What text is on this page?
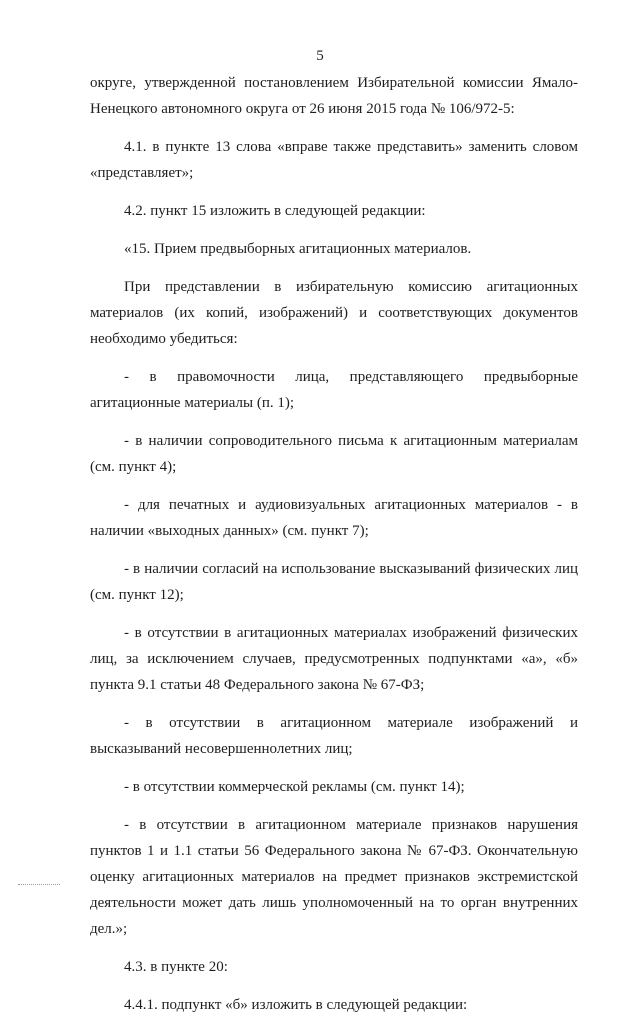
5

округе, утвержденной постановлением Избирательной комиссии Ямало-Ненецкого автономного округа от 26 июня 2015 года № 106/972-5:

4.1. в пункте 13 слова «вправе также представить» заменить словом «представляет»;

4.2. пункт 15 изложить в следующей редакции:

«15. Прием предвыборных агитационных материалов.

При представлении в избирательную комиссию агитационных материалов (их копий, изображений) и соответствующих документов необходимо убедиться:

- в правомочности лица, представляющего предвыборные агитационные материалы (п. 1);

- в наличии сопроводительного письма к агитационным материалам (см. пункт 4);

- для печатных и аудиовизуальных агитационных материалов - в наличии «выходных данных» (см. пункт 7);

- в наличии согласий на использование высказываний физических лиц (см. пункт 12);

- в отсутствии в агитационных материалах изображений физических лиц, за исключением случаев, предусмотренных подпунктами «а», «б» пункта 9.1 статьи 48 Федерального закона № 67-ФЗ;

- в отсутствии в агитационном материале изображений и высказываний несовершеннолетних лиц;

- в отсутствии коммерческой рекламы (см. пункт 14);

- в отсутствии в агитационном материале признаков нарушения пунктов 1 и 1.1 статьи 56 Федерального закона № 67-ФЗ. Окончательную оценку агитационных материалов на предмет признаков экстремистской деятельности может дать лишь уполномоченный на то орган внутренних дел.»;

4.3. в пункте 20:

4.4.1. подпункт «б» изложить в следующей редакции:
